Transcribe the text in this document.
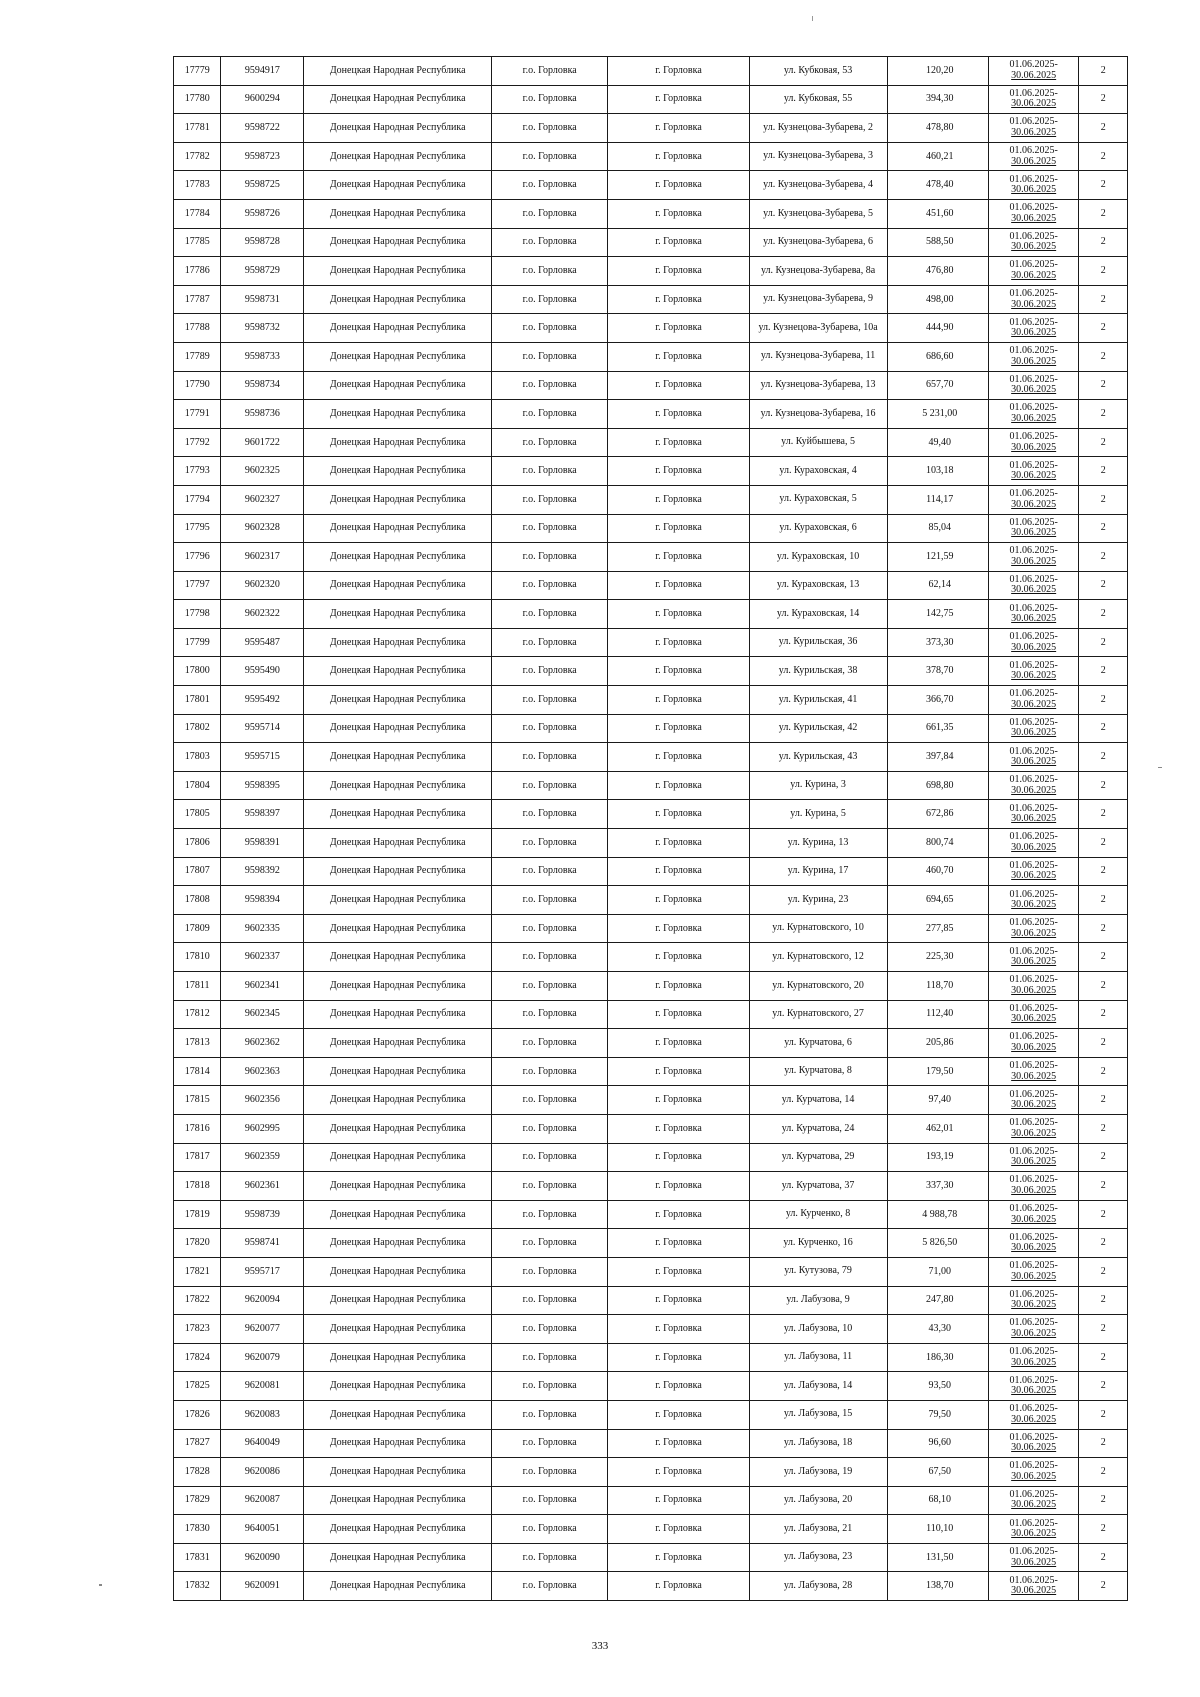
17779	9594917	Донецкая Народная Республика	г.о. Горловка	г. Горловка	ул. Кубковая, 53	120,20	01.06.2025-
30.06.2025	2
17780	9600294	Донецкая Народная Республика	г.о. Горловка	г. Горловка	ул. Кубковая, 55	394,30	01.06.2025-
30.06.2025	2
17781	9598722	Донецкая Народная Республика	г.о. Горловка	г. Горловка	ул. Кузнецова-Зубарева, 2	478,80	01.06.2025-
30.06.2025	2
17782	9598723	Донецкая Народная Республика	г.о. Горловка	г. Горловка	ул. Кузнецова-Зубарева, 3	460,21	01.06.2025-
30.06.2025	2
17783	9598725	Донецкая Народная Республика	г.о. Горловка	г. Горловка	ул. Кузнецова-Зубарева, 4	478,40	01.06.2025-
30.06.2025	2
17784	9598726	Донецкая Народная Республика	г.о. Горловка	г. Горловка	ул. Кузнецова-Зубарева, 5	451,60	01.06.2025-
30.06.2025	2
17785	9598728	Донецкая Народная Республика	г.о. Горловка	г. Горловка	ул. Кузнецова-Зубарева, 6	588,50	01.06.2025-
30.06.2025	2
17786	9598729	Донецкая Народная Республика	г.о. Горловка	г. Горловка	ул. Кузнецова-Зубарева, 8а	476,80	01.06.2025-
30.06.2025	2
17787	9598731	Донецкая Народная Республика	г.о. Горловка	г. Горловка	ул. Кузнецова-Зубарева, 9	498,00	01.06.2025-
30.06.2025	2
17788	9598732	Донецкая Народная Республика	г.о. Горловка	г. Горловка	ул. Кузнецова-Зубарева, 10а	444,90	01.06.2025-
30.06.2025	2
17789	9598733	Донецкая Народная Республика	г.о. Горловка	г. Горловка	ул. Кузнецова-Зубарева, 11	686,60	01.06.2025-
30.06.2025	2
17790	9598734	Донецкая Народная Республика	г.о. Горловка	г. Горловка	ул. Кузнецова-Зубарева, 13	657,70	01.06.2025-
30.06.2025	2
17791	9598736	Донецкая Народная Республика	г.о. Горловка	г. Горловка	ул. Кузнецова-Зубарева, 16	5 231,00	01.06.2025-
30.06.2025	2
17792	9601722	Донецкая Народная Республика	г.о. Горловка	г. Горловка	ул. Куйбышева, 5	49,40	01.06.2025-
30.06.2025	2
17793	9602325	Донецкая Народная Республика	г.о. Горловка	г. Горловка	ул. Кураховская, 4	103,18	01.06.2025-
30.06.2025	2
17794	9602327	Донецкая Народная Республика	г.о. Горловка	г. Горловка	ул. Кураховская, 5	114,17	01.06.2025-
30.06.2025	2
17795	9602328	Донецкая Народная Республика	г.о. Горловка	г. Горловка	ул. Кураховская, 6	85,04	01.06.2025-
30.06.2025	2
17796	9602317	Донецкая Народная Республика	г.о. Горловка	г. Горловка	ул. Кураховская, 10	121,59	01.06.2025-
30.06.2025	2
17797	9602320	Донецкая Народная Республика	г.о. Горловка	г. Горловка	ул. Кураховская, 13	62,14	01.06.2025-
30.06.2025	2
17798	9602322	Донецкая Народная Республика	г.о. Горловка	г. Горловка	ул. Кураховская, 14	142,75	01.06.2025-
30.06.2025	2
17799	9595487	Донецкая Народная Республика	г.о. Горловка	г. Горловка	ул. Курильская, 36	373,30	01.06.2025-
30.06.2025	2
17800	9595490	Донецкая Народная Республика	г.о. Горловка	г. Горловка	ул. Курильская, 38	378,70	01.06.2025-
30.06.2025	2
17801	9595492	Донецкая Народная Республика	г.о. Горловка	г. Горловка	ул. Курильская, 41	366,70	01.06.2025-
30.06.2025	2
17802	9595714	Донецкая Народная Республика	г.о. Горловка	г. Горловка	ул. Курильская, 42	661,35	01.06.2025-
30.06.2025	2
17803	9595715	Донецкая Народная Республика	г.о. Горловка	г. Горловка	ул. Курильская, 43	397,84	01.06.2025-
30.06.2025	2
17804	9598395	Донецкая Народная Республика	г.о. Горловка	г. Горловка	ул. Курина, 3	698,80	01.06.2025-
30.06.2025	2
17805	9598397	Донецкая Народная Республика	г.о. Горловка	г. Горловка	ул. Курина, 5	672,86	01.06.2025-
30.06.2025	2
17806	9598391	Донецкая Народная Республика	г.о. Горловка	г. Горловка	ул. Курина, 13	800,74	01.06.2025-
30.06.2025	2
17807	9598392	Донецкая Народная Республика	г.о. Горловка	г. Горловка	ул. Курина, 17	460,70	01.06.2025-
30.06.2025	2
17808	9598394	Донецкая Народная Республика	г.о. Горловка	г. Горловка	ул. Курина, 23	694,65	01.06.2025-
30.06.2025	2
17809	9602335	Донецкая Народная Республика	г.о. Горловка	г. Горловка	ул. Курнатовского, 10	277,85	01.06.2025-
30.06.2025	2
17810	9602337	Донецкая Народная Республика	г.о. Горловка	г. Горловка	ул. Курнатовского, 12	225,30	01.06.2025-
30.06.2025	2
17811	9602341	Донецкая Народная Республика	г.о. Горловка	г. Горловка	ул. Курнатовского, 20	118,70	01.06.2025-
30.06.2025	2
17812	9602345	Донецкая Народная Республика	г.о. Горловка	г. Горловка	ул. Курнатовского, 27	112,40	01.06.2025-
30.06.2025	2
17813	9602362	Донецкая Народная Республика	г.о. Горловка	г. Горловка	ул. Курчатова, 6	205,86	01.06.2025-
30.06.2025	2
17814	9602363	Донецкая Народная Республика	г.о. Горловка	г. Горловка	ул. Курчатова, 8	179,50	01.06.2025-
30.06.2025	2
17815	9602356	Донецкая Народная Республика	г.о. Горловка	г. Горловка	ул. Курчатова, 14	97,40	01.06.2025-
30.06.2025	2
17816	9602995	Донецкая Народная Республика	г.о. Горловка	г. Горловка	ул. Курчатова, 24	462,01	01.06.2025-
30.06.2025	2
17817	9602359	Донецкая Народная Республика	г.о. Горловка	г. Горловка	ул. Курчатова, 29	193,19	01.06.2025-
30.06.2025	2
17818	9602361	Донецкая Народная Республика	г.о. Горловка	г. Горловка	ул. Курчатова, 37	337,30	01.06.2025-
30.06.2025	2
17819	9598739	Донецкая Народная Республика	г.о. Горловка	г. Горловка	ул. Курченко, 8	4 988,78	01.06.2025-
30.06.2025	2
17820	9598741	Донецкая Народная Республика	г.о. Горловка	г. Горловка	ул. Курченко, 16	5 826,50	01.06.2025-
30.06.2025	2
17821	9595717	Донецкая Народная Республика	г.о. Горловка	г. Горловка	ул. Кутузова, 79	71,00	01.06.2025-
30.06.2025	2
17822	9620094	Донецкая Народная Республика	г.о. Горловка	г. Горловка	ул. Лабузова, 9	247,80	01.06.2025-
30.06.2025	2
17823	9620077	Донецкая Народная Республика	г.о. Горловка	г. Горловка	ул. Лабузова, 10	43,30	01.06.2025-
30.06.2025	2
17824	9620079	Донецкая Народная Республика	г.о. Горловка	г. Горловка	ул. Лабузова, 11	186,30	01.06.2025-
30.06.2025	2
17825	9620081	Донецкая Народная Республика	г.о. Горловка	г. Горловка	ул. Лабузова, 14	93,50	01.06.2025-
30.06.2025	2
17826	9620083	Донецкая Народная Республика	г.о. Горловка	г. Горловка	ул. Лабузова, 15	79,50	01.06.2025-
30.06.2025	2
17827	9640049	Донецкая Народная Республика	г.о. Горловка	г. Горловка	ул. Лабузова, 18	96,60	01.06.2025-
30.06.2025	2
17828	9620086	Донецкая Народная Республика	г.о. Горловка	г. Горловка	ул. Лабузова, 19	67,50	01.06.2025-
30.06.2025	2
17829	9620087	Донецкая Народная Республика	г.о. Горловка	г. Горловка	ул. Лабузова, 20	68,10	01.06.2025-
30.06.2025	2
17830	9640051	Донецкая Народная Республика	г.о. Горловка	г. Горловка	ул. Лабузова, 21	110,10	01.06.2025-
30.06.2025	2
17831	9620090	Донецкая Народная Республика	г.о. Горловка	г. Горловка	ул. Лабузова, 23	131,50	01.06.2025-
30.06.2025	2
17832	9620091	Донецкая Народная Республика	г.о. Горловка	г. Горловка	ул. Лабузова, 28	138,70	01.06.2025-
30.06.2025	2
333
